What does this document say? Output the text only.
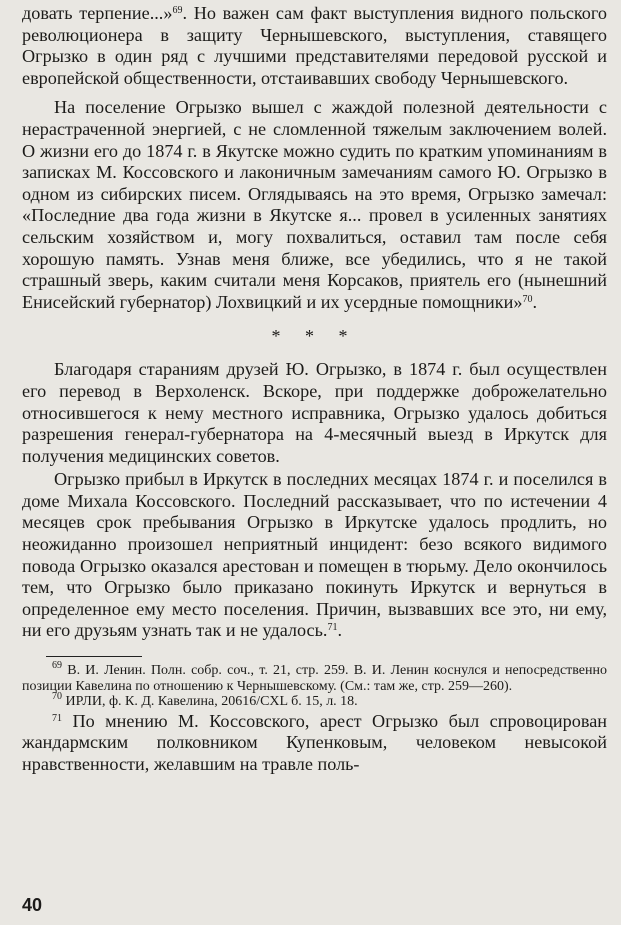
довать терпение...»$^{69}$. Но важен сам факт выступления видного польского революционера в защиту Чернышевского, выступления, ставящего Огрызко в один ряд с лучшими представителями передовой русской и европейской общественности, отстаивавших свободу Чернышевского.

На поселение Огрызко вышел с жаждой полезной деятельности с нерастраченной энергией, с не сломленной тяжелым заключением волей. О жизни его до 1874 г. в Якутске можно судить по кратким упоминаниям в записках М. Коссовского и лаконичным замечаниям самого Ю. Огрызко в одном из сибирских писем. Оглядываясь на это время, Огрызко замечал: «Последние два года жизни в Якутске я... провел в усиленных занятиях сельским хозяйством и, могу похвалиться, оставил там после себя хорошую память. Узнав меня ближе, все убедились, что я не такой страшный зверь, каким считали меня Корсаков, приятель его (нынешний Енисейский губернатор) Лохвицкий и их усердные помощники»$^{70}$.

* * *

Благодаря стараниям друзей Ю. Огрызко, в 1874 г. был осуществлен его перевод в Верхоленск. Вскоре, при поддержке доброжелательно относившегося к нему местного исправника, Огрызко удалось добиться разрешения генерал-губернатора на 4-месячный выезд в Иркутск для получения медицинских советов.

Огрызко прибыл в Иркутск в последних месяцах 1874 г. и поселился в доме Михала Коссовского. Последний рассказывает, что по истечении 4 месяцев срок пребывания Огрызко в Иркутске удалось продлить, но неожиданно произошел неприятный инцидент: безо всякого видимого повода Огрызко оказался арестован и помещен в тюрьму. Дело окончилось тем, что Огрызко было приказано покинуть Иркутск и вернуться в определенное ему место поселения. Причин, вызвавших все это, ни ему, ни его друзьям узнать так и не удалось.$^{71}$.

$^{69}$ В. И. Ленин. Полн. собр. соч., т. 21, стр. 259. В. И. Ленин коснулся и непосредственно позиции Кавелина по отношению к Чернышевскому. (См.: там же, стр. 259—260).

$^{70}$ ИРЛИ, ф. К. Д. Кавелина, 20616/CXL б. 15, л. 18.

$^{71}$ По мнению М. Коссовского, арест Огрызко был спровоцирован жандармским полковником Купенковым, человеком невысокой нравственности, желавшим на травле поль-

40
